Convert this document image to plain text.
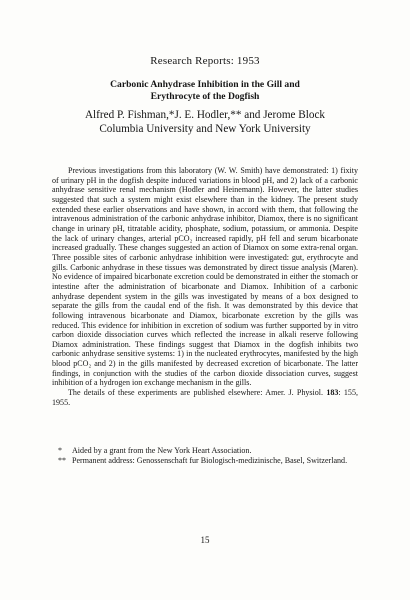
Research Reports: 1953
Carbonic Anhydrase Inhibition in the Gill and
Erythrocyte of the Dogfish
Alfred P. Fishman,*J. E. Hodler,** and Jerome Block
Columbia University and New York University

Previous investigations from this laboratory (W. W. Smith) have demonstrated: 1) fixity of urinary pH in the dogfish despite induced variations in blood pH, and 2) lack of a carbonic anhydrase sensitive renal mechanism (Hodler and Heinemann). However, the latter studies suggested that such a system might exist elsewhere than in the kidney. The present study extended these earlier observations and have shown, in accord with them, that following the intravenous administration of the carbonic anhydrase inhibitor, Diamox, there is no significant change in urinary pH, titratable acidity, phosphate, sodium, potassium, or ammonia. Despite the lack of urinary changes, arterial pCO₂ increased rapidly, pH fell and serum bicarbonate increased gradually. These changes suggested an action of Diamox on some extra-renal organ. Three possible sites of carbonic anhydrase inhibition were investigated: gut, erythrocyte and gills. Carbonic anhydrase in these tissues was demonstrated by direct tissue analysis (Maren). No evidence of impaired bicarbonate excretion could be demonstrated in either the stomach or intestine after the administration of bicarbonate and Diamox. Inhibition of a carbonic anhydrase dependent system in the gills was investigated by means of a box designed to separate the gills from the caudal end of the fish. It was demonstrated by this device that following intravenous bicarbonate and Diamox, bicarbonate excretion by the gills was reduced. This evidence for inhibition in excretion of sodium was further supported by in vitro carbon dioxide dissociation curves which reflected the increase in alkali reserve following Diamox administration. These findings suggest that Diamox in the dogfish inhibits two carbonic anhydrase sensitive systems: 1) in the nucleated erythrocytes, manifested by the high blood pCO₂ and 2) in the gills manifested by decreased excretion of bicarbonate. The latter findings, in conjunction with the studies of the carbon dioxide dissociation curves, suggest inhibition of a hydrogen ion exchange mechanism in the gills.

The details of these experiments are published elsewhere: Amer. J. Physiol. 183: 155, 1955.

*	Aided by a grant from the New York Heart Association.
** Permanent address: Genossenschaft fur Biologisch-medizinische, Basel, Switzerland.
15
